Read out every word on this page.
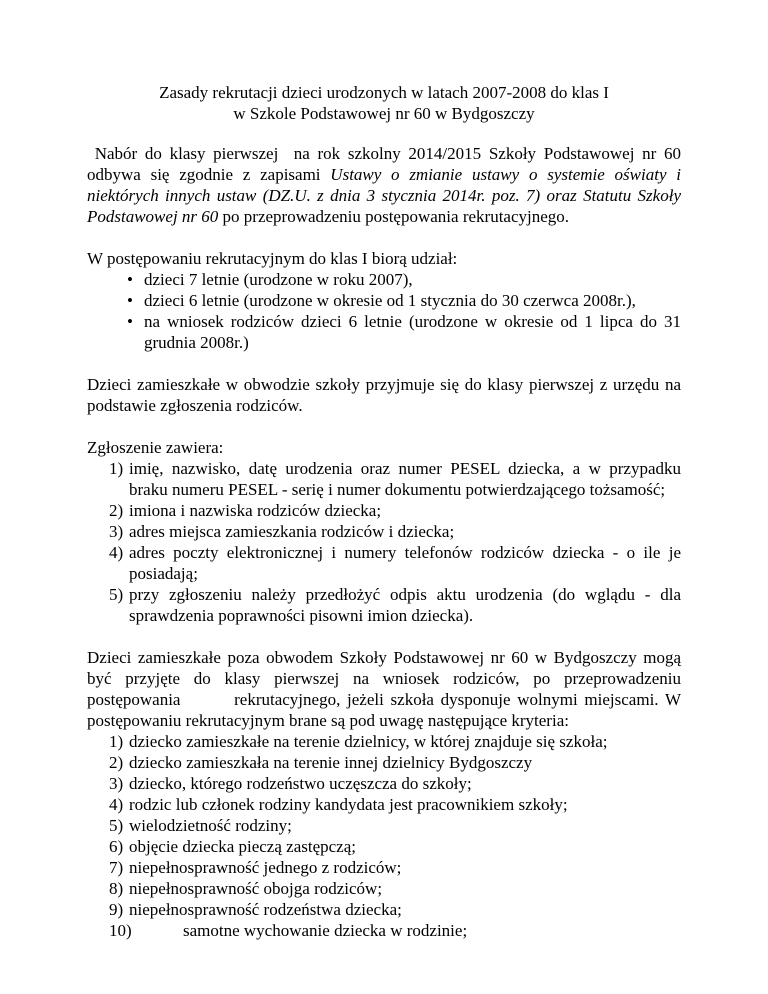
Zasady rekrutacji dzieci urodzonych w latach 2007-2008 do klas I
w Szkole Podstawowej nr 60 w Bydgoszczy

Nabór do klasy pierwszej  na rok szkolny 2014/2015 Szkoły Podstawowej nr 60 odbywa się zgodnie z zapisami Ustawy o zmianie ustawy o systemie oświaty i niektórych innych ustaw (DZ.U. z dnia 3 stycznia 2014r. poz. 7) oraz Statutu Szkoły Podstawowej nr 60 po przeprowadzeniu postępowania rekrutacyjnego.

W postępowaniu rekrutacyjnym do klas I biorą udział:

• dzieci 7 letnie (urodzone w roku 2007),
• dzieci 6 letnie (urodzone w okresie od 1 stycznia do 30 czerwca 2008r.),
• na wniosek rodziców dzieci 6 letnie (urodzone w okresie od 1 lipca do 31 grudnia 2008r.)

Dzieci zamieszkałe w obwodzie szkoły przyjmuje się do klasy pierwszej z urzędu na podstawie zgłoszenia rodziców.

Zgłoszenie zawiera:

1) imię, nazwisko, datę urodzenia oraz numer PESEL dziecka, a w przypadku braku numeru PESEL - serię i numer dokumentu potwierdzającego tożsamość;
2) imiona i nazwiska rodziców dziecka;
3) adres miejsca zamieszkania rodziców i dziecka;
4) adres poczty elektronicznej i numery telefonów rodziców dziecka - o ile je posiadają;
5) przy zgłoszeniu należy przedłożyć odpis aktu urodzenia (do wglądu - dla sprawdzenia poprawności pisowni imion dziecka).

Dzieci zamieszkałe poza obwodem Szkoły Podstawowej nr 60 w Bydgoszczy mogą być przyjęte do klasy pierwszej na wniosek rodziców, po przeprowadzeniu postępowania        rekrutacyjnego, jeżeli szkoła dysponuje wolnymi miejscami. W postępowaniu rekrutacyjnym brane są pod uwagę następujące kryteria:

1) dziecko zamieszkałe na terenie dzielnicy, w której znajduje się szkoła;
2) dziecko zamieszkała na terenie innej dzielnicy Bydgoszczy
3) dziecko, którego rodzeństwo uczęszcza do szkoły;
4) rodzic lub członek rodziny kandydata jest pracownikiem szkoły;
5) wielodzietność rodziny;
6) objęcie dziecka pieczą zastępczą;
7) niepełnosprawność jednego z rodziców;
8) niepełnosprawność obojga rodziców;
9) niepełnosprawność rodzeństwa dziecka;
10)	samotne wychowanie dziecka w rodzinie;
